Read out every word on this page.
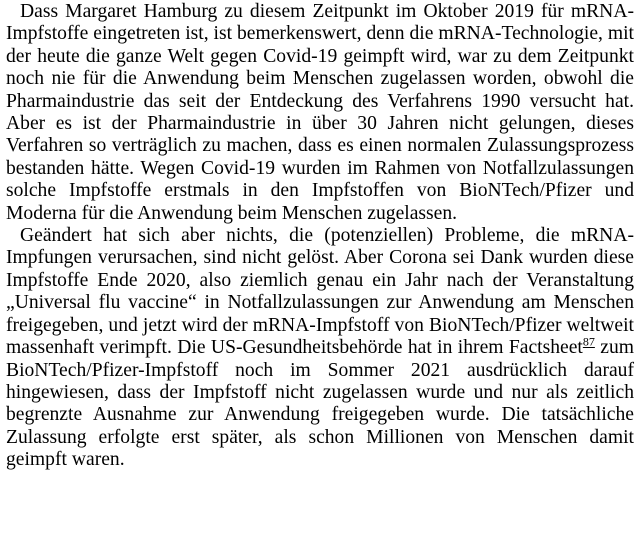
Dass Margaret Hamburg zu diesem Zeitpunkt im Oktober 2019 für mRNA-Impfstoffe eingetreten ist, ist bemerkenswert, denn die mRNA-Technologie, mit der heute die ganze Welt gegen Covid-19 geimpft wird, war zu dem Zeitpunkt noch nie für die Anwendung beim Menschen zugelassen worden, obwohl die Pharmaindustrie das seit der Entdeckung des Verfahrens 1990 versucht hat. Aber es ist der Pharmaindustrie in über 30 Jahren nicht gelungen, dieses Verfahren so verträglich zu machen, dass es einen normalen Zulassungsprozess bestanden hätte. Wegen Covid-19 wurden im Rahmen von Notfallzulassungen solche Impfstoffe erstmals in den Impfstoffen von BioNTech/Pfizer und Moderna für die Anwendung beim Menschen zugelassen.

Geändert hat sich aber nichts, die (potenziellen) Probleme, die mRNA-Impfungen verursachen, sind nicht gelöst. Aber Corona sei Dank wurden diese Impfstoffe Ende 2020, also ziemlich genau ein Jahr nach der Veranstaltung „Universal flu vaccine“ in Notfallzulassungen zur Anwendung am Menschen freigegeben, und jetzt wird der mRNA-Impfstoff von BioNTech/Pfizer weltweit massenhaft verimpft. Die US-Gesundheitsbehörde hat in ihrem Factsheet$^{87}$ zum BioNTech/Pfizer-Impfstoff noch im Sommer 2021 ausdrücklich darauf hingewiesen, dass der Impfstoff nicht zugelassen wurde und nur als zeitlich begrenzte Ausnahme zur Anwendung freigegeben wurde. Die tatsächliche Zulassung erfolgte erst später, als schon Millionen von Menschen damit geimpft waren.
